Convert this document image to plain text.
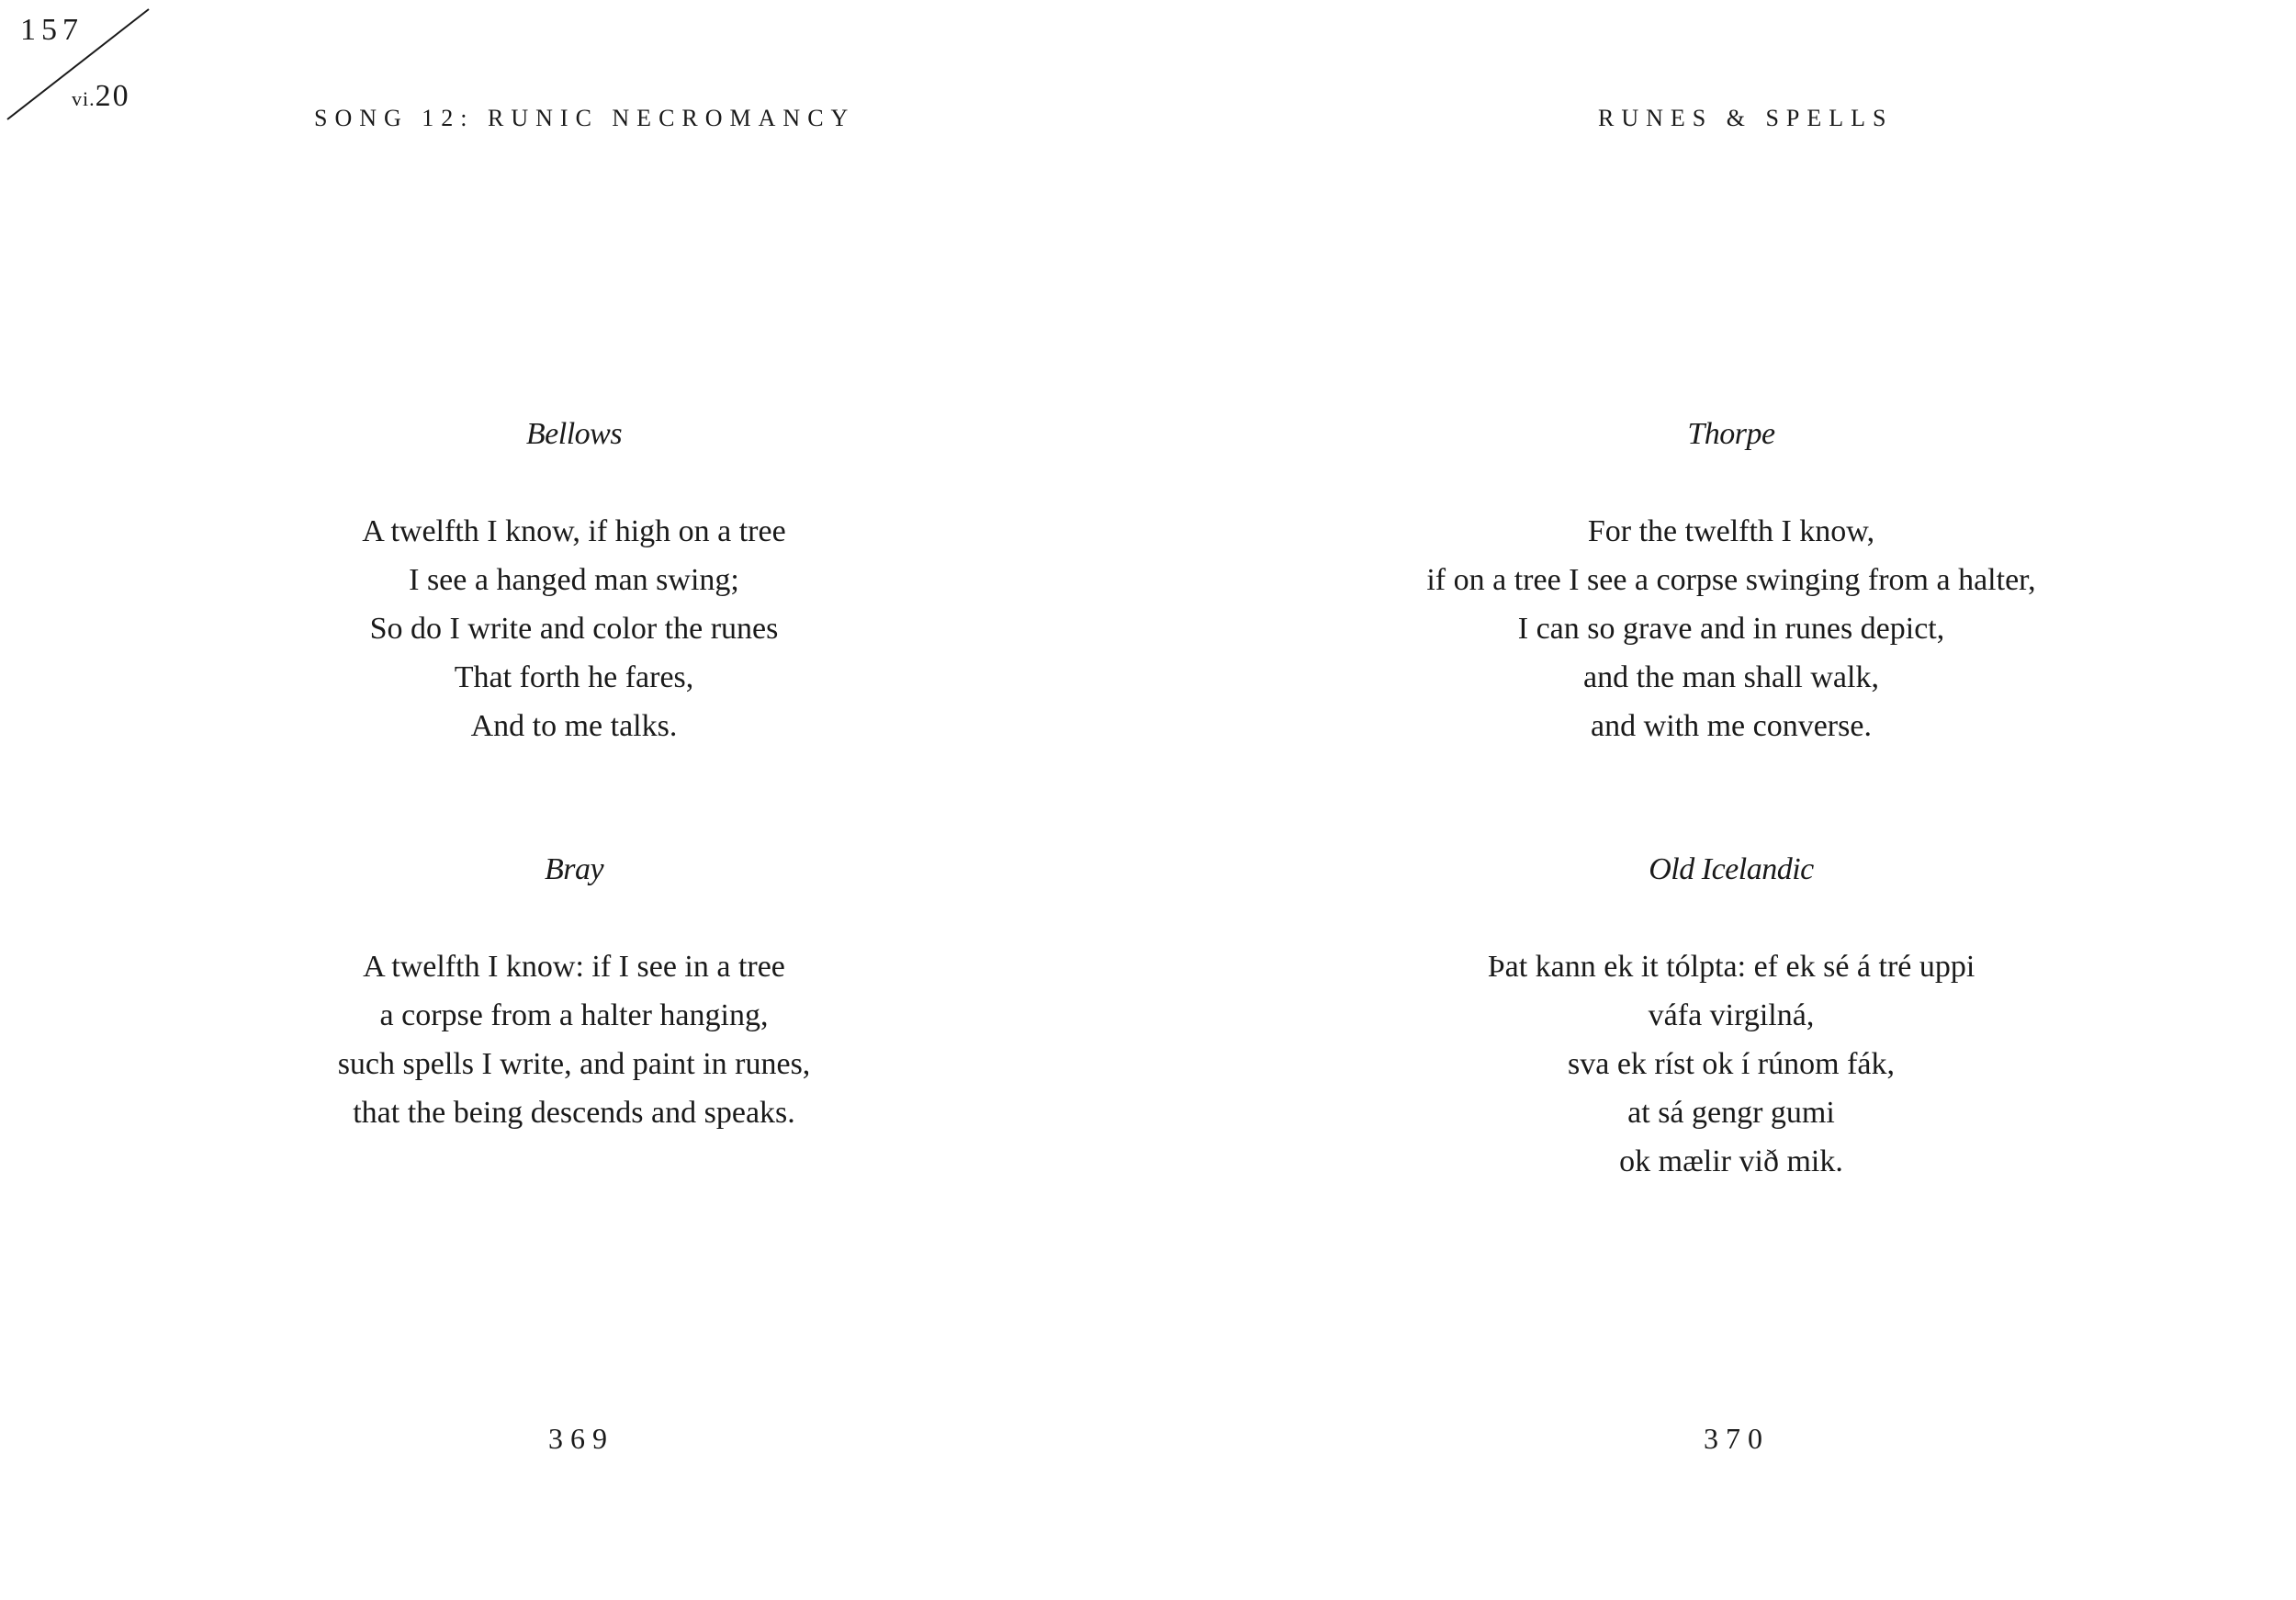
157
vi.20
SONG 12: RUNIC NECROMANCY
Bellows
A twelfth I know, if high on a tree
I see a hanged man swing;
So do I write and color the runes
That forth he fares,
And to me talks.
Bray
A twelfth I know: if I see in a tree
a corpse from a halter hanging,
such spells I write, and paint in runes,
that the being descends and speaks.
369
RUNES & SPELLS
Thorpe
For the twelfth I know,
if on a tree I see a corpse swinging from a halter,
I can so grave and in runes depict,
and the man shall walk,
and with me converse.
Old Icelandic
Þat kann ek it tólpta: ef ek sé á tré uppi
váfa virgilná,
sva ek ríst ok í rúnom fák,
at sá gengr gumi
ok mælir við mik.
370
